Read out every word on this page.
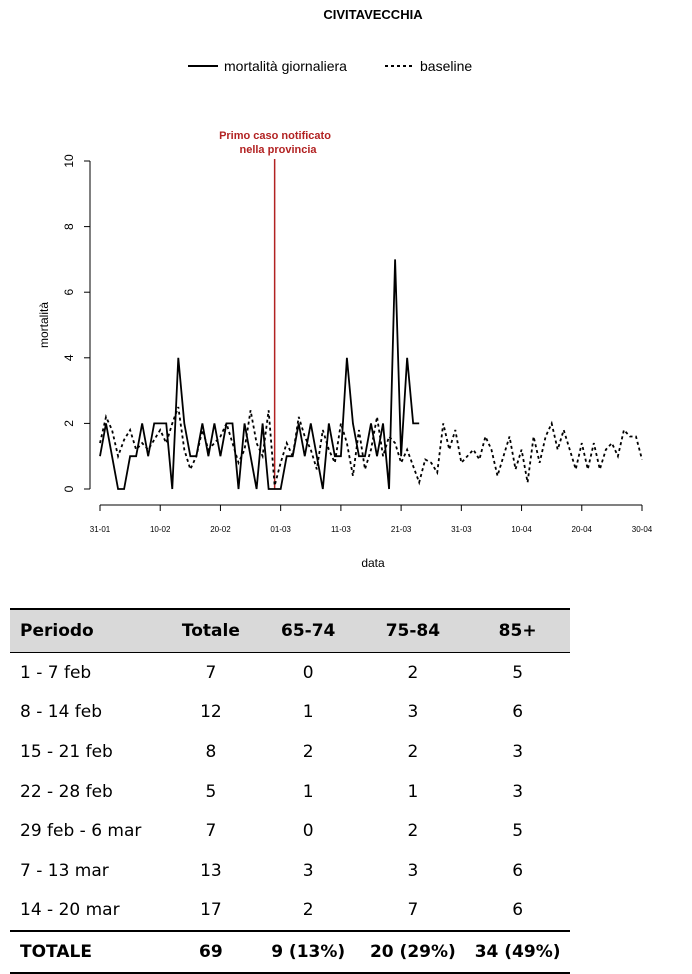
CIVITAVECCHIA
mortalità giornaliera	baseline
Primo caso notificato
nella provincia
0
2
4
6
8
10
31-01	10-02	20-02	01-03	11-03	21-03	31-03	10-04	20-04	30-04
mortalità
data
Periodo	Totale	65-74	75-84	85+
1 - 7 feb	7	0	2	5
8 - 14 feb	12	1	3	6
15 - 21 feb	8	2	2	3
22 - 28 feb	5	1	1	3
29 feb - 6 mar	7	0	2	5
7 - 13 mar	13	3	3	6
14 - 20 mar	17	2	7	6
TOTALE	69	9 (13%)	20 (29%)	34 (49%)
